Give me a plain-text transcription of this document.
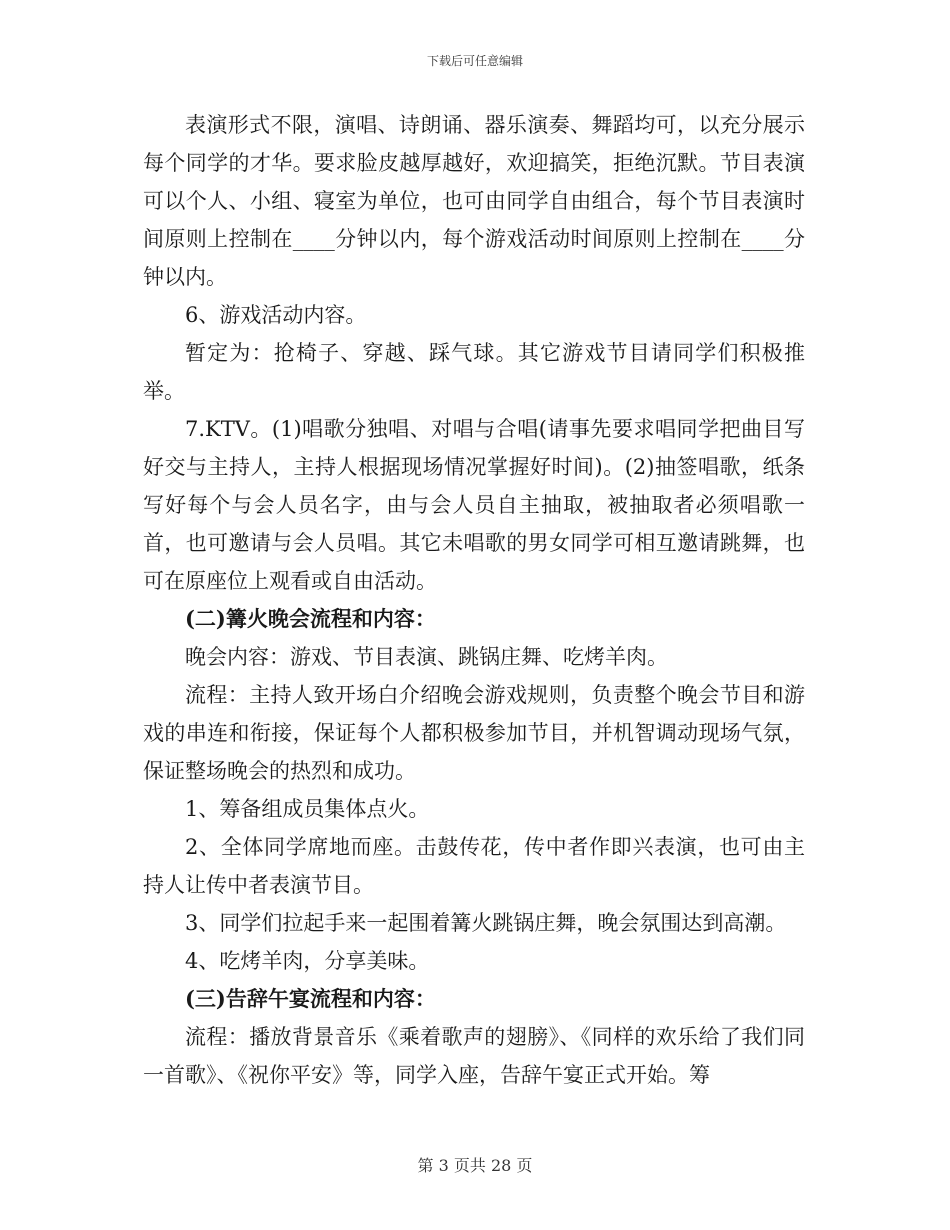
下载后可任意编辑

表演形式不限，演唱、诗朗诵、器乐演奏、舞蹈均可，以充分展示每个同学的才华。要求脸皮越厚越好，欢迎搞笑，拒绝沉默。节目表演可以个人、小组、寝室为单位，也可由同学自由组合，每个节目表演时间原则上控制在____分钟以内，每个游戏活动时间原则上控制在____分钟以内。

6、游戏活动内容。

暂定为：抢椅子、穿越、踩气球。其它游戏节目请同学们积极推举。

7.KTV。(1)唱歌分独唱、对唱与合唱(请事先要求唱同学把曲目写好交与主持人，主持人根据现场情况掌握好时间)。(2)抽签唱歌，纸条写好每个与会人员名字，由与会人员自主抽取，被抽取者必须唱歌一首，也可邀请与会人员唱。其它未唱歌的男女同学可相互邀请跳舞，也可在原座位上观看或自由活动。

(二)篝火晚会流程和内容：

晚会内容：游戏、节目表演、跳锅庄舞、吃烤羊肉。

流程：主持人致开场白介绍晚会游戏规则，负责整个晚会节目和游戏的串连和衔接，保证每个人都积极参加节目，并机智调动现场气氛，保证整场晚会的热烈和成功。

1、筹备组成员集体点火。

2、全体同学席地而座。击鼓传花，传中者作即兴表演，也可由主持人让传中者表演节目。

3、同学们拉起手来一起围着篝火跳锅庄舞，晚会氛围达到高潮。

4、吃烤羊肉，分享美味。

(三)告辞午宴流程和内容：

流程：播放背景音乐《乘着歌声的翅膀》、《同样的欢乐给了我们同一首歌》、《祝你平安》等，同学入座，告辞午宴正式开始。筹

第 3 页共 28 页
